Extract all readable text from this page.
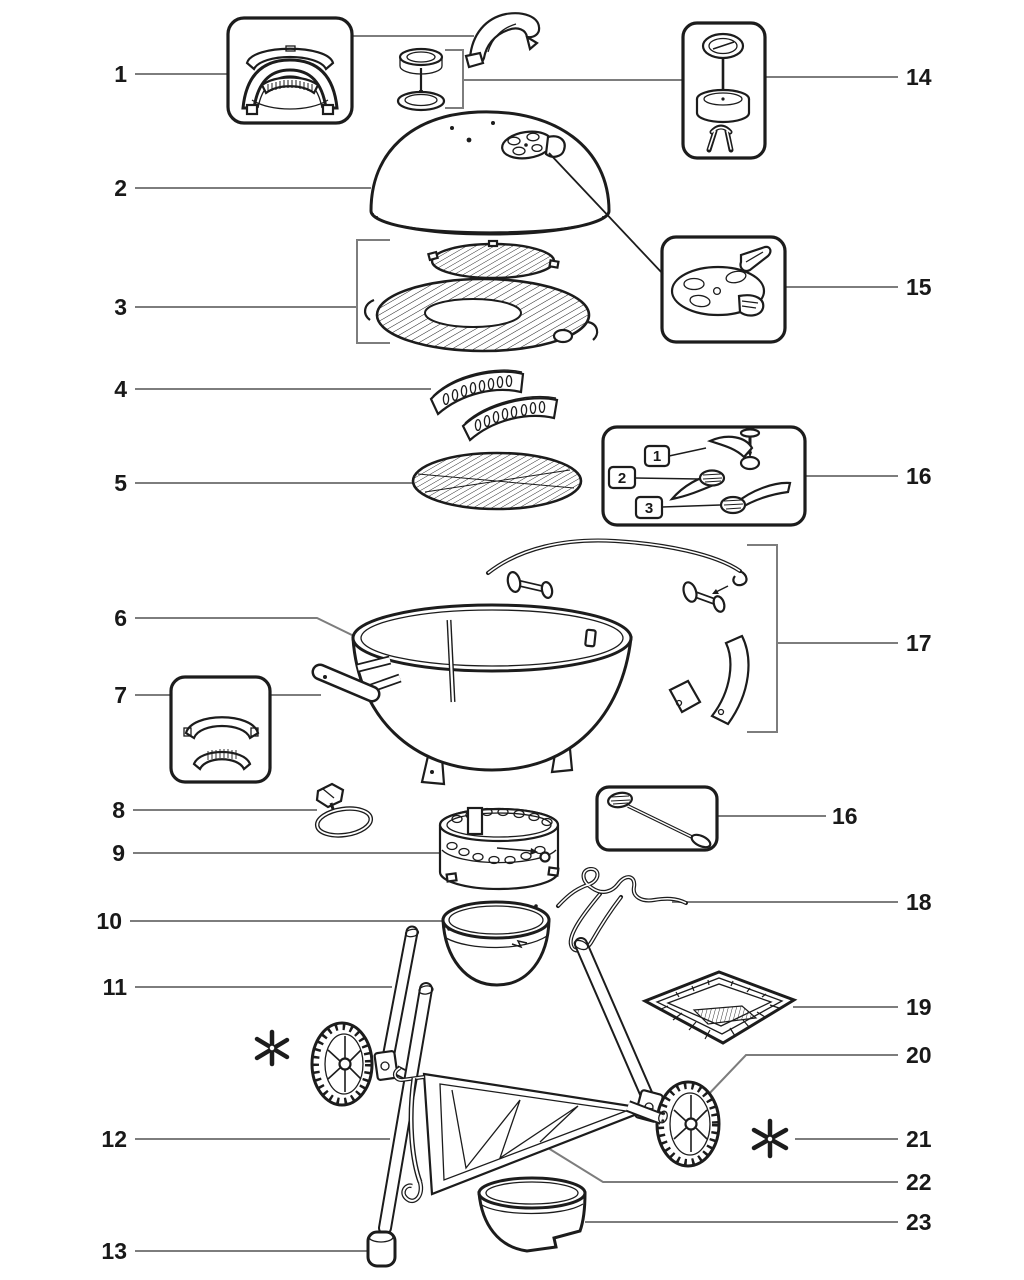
1
2
3
1
2
3
4
5
6
7
8
9
10
11
12
13
14
15
16
17
16
18
19
20
21
22
23
